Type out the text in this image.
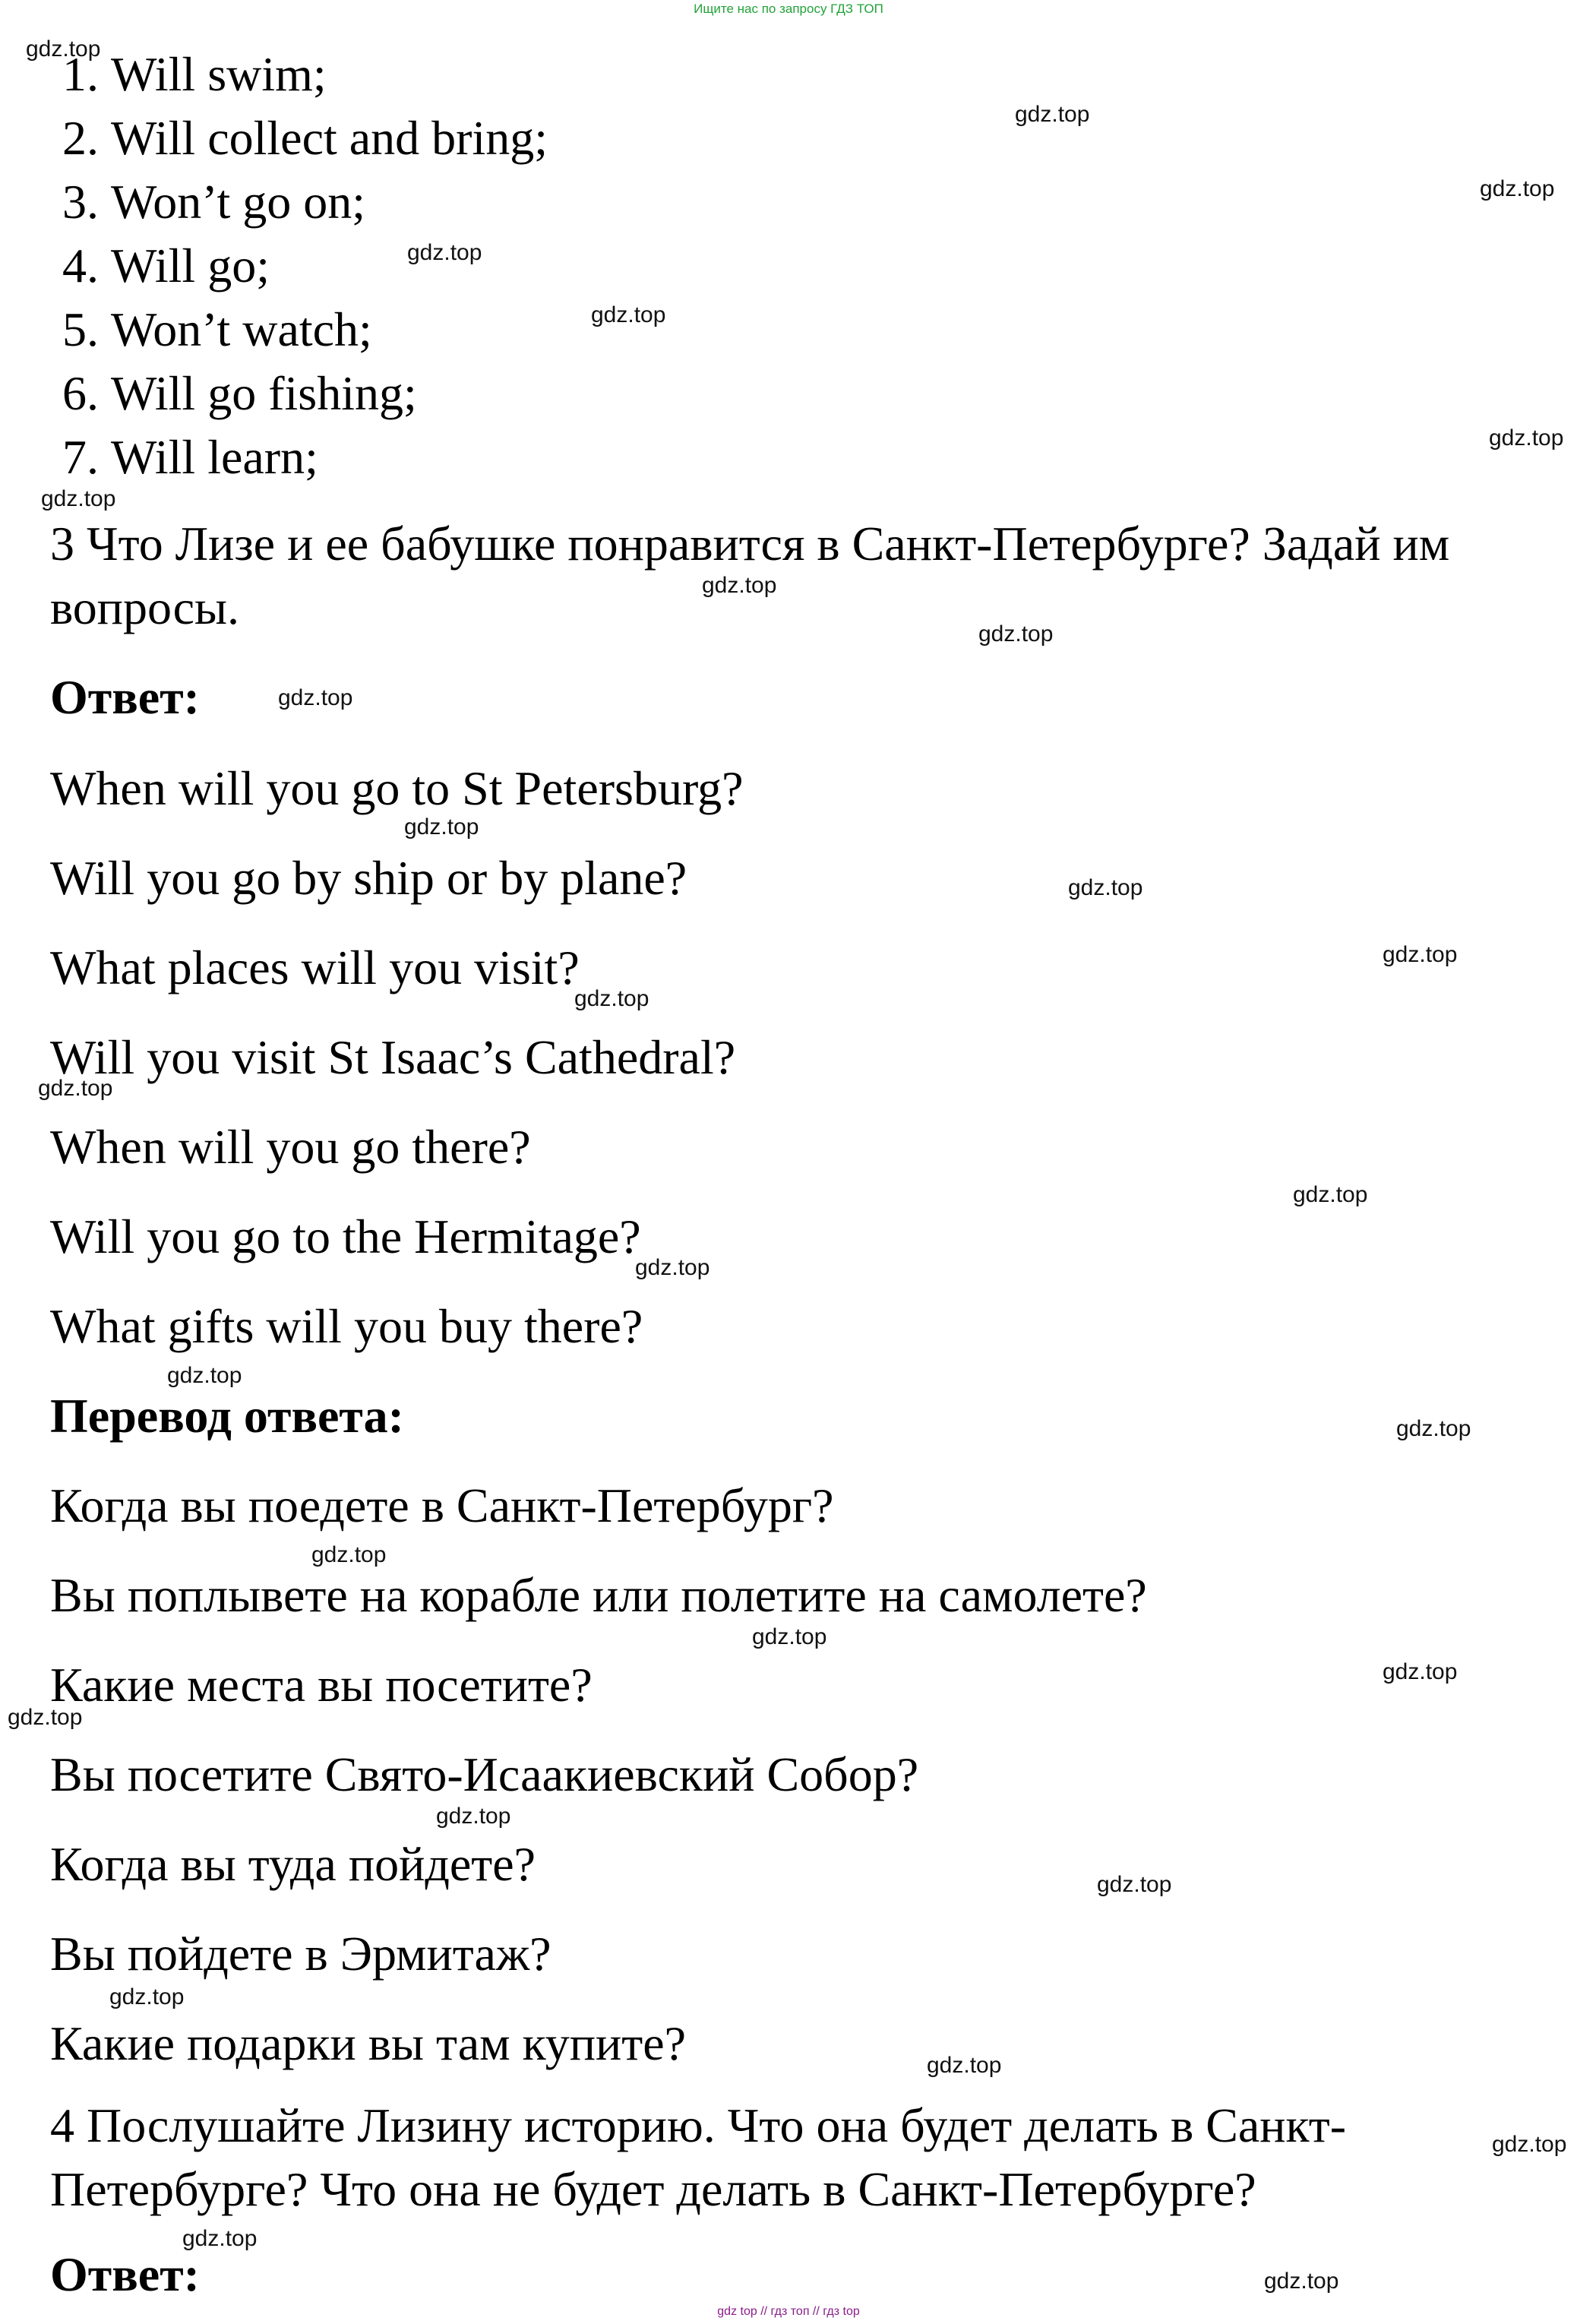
Ищите нас по запросу ГДЗ ТОП
1. Will swim;
2. Will collect and bring;
3. Won’t go on;
4. Will go;
5. Won’t watch;
6. Will go fishing;
7. Will learn;
3 Что Лизе и ее бабушке понравится в Санкт-Петербурге? Задай им вопросы.
Ответ:
When will you go to St Petersburg?
Will you go by ship or by plane?
What places will you visit?
Will you visit St Isaac’s Cathedral?
When will you go there?
Will you go to the Hermitage?
What gifts will you buy there?
Перевод ответа:
Когда вы поедете в Санкт-Петербург?
Вы поплывете на корабле или полетите на самолете?
Какие места вы посетите?
Вы посетите Свято-Исаакиевский Собор?
Когда вы туда пойдете?
Вы пойдете в Эрмитаж?
Какие подарки вы там купите?
4 Послушайте Лизину историю. Что она будет делать в Санкт-Петербурге? Что она не будет делать в Санкт-Петербурге?
Ответ:
gdz.top
gdz.top
gdz.top
gdz.top
gdz.top
gdz.top
gdz.top
gdz.top
gdz.top
gdz.top
gdz.top
gdz.top
gdz.top
gdz.top
gdz.top
gdz.top
gdz.top
gdz.top
gdz.top
gdz.top
gdz.top
gdz.top
gdz.top
gdz.top
gdz.top
gdz.top
gdz.top
gdz.top
gdz.top
gdz.top
gdz top // гдз топ // гдз top
